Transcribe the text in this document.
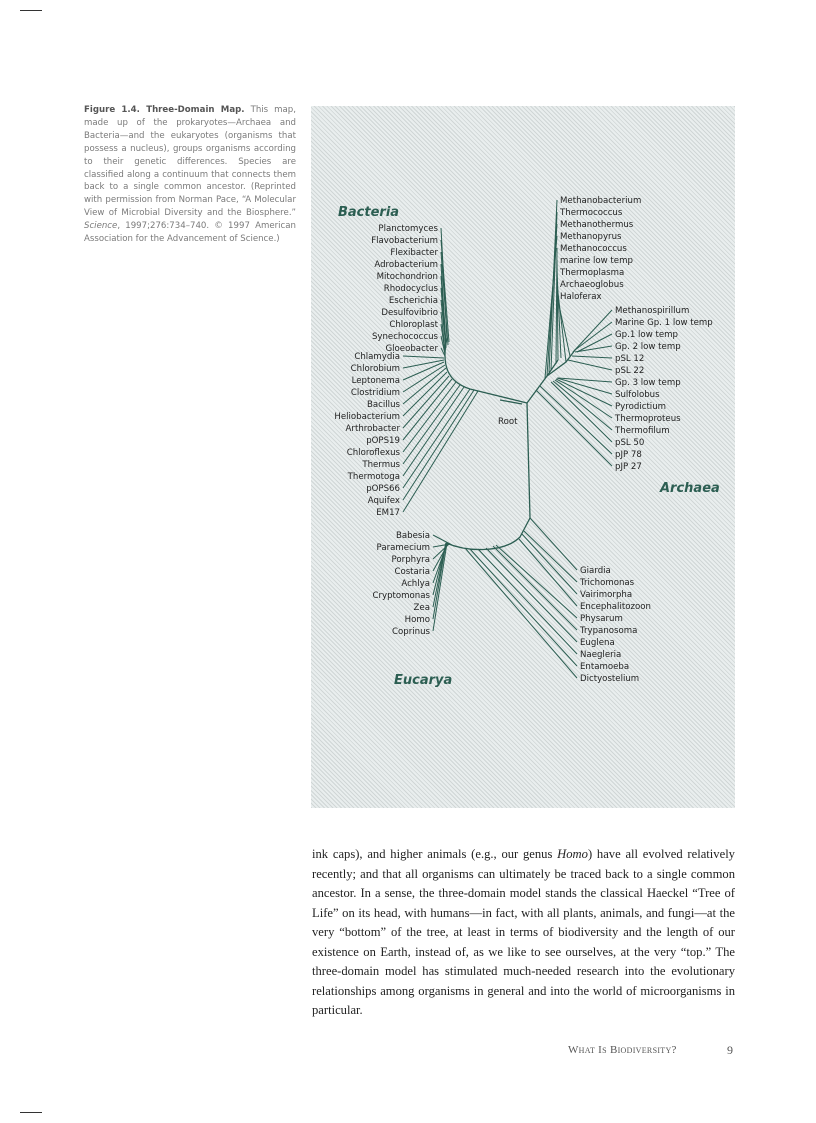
Figure 1.4. Three-Domain Map. This map, made up of the prokaryotes—Archaea and Bacteria—and the eukaryotes (organisms that possess a nucleus), groups organisms according to their genetic differences. Species are classified along a continuum that connects them back to a single common ancestor. (Reprinted with permission from Norman Pace, “A Molecular View of Microbial Diversity and the Biosphere.” Science, 1997;276:734–740. © 1997 American Association for the Advancement of Science.)
Planctomyces
Flavobacterium
Flexibacter
Adrobacterium
Mitochondrion
Rhodocyclus
Escherichia
Desulfovibrio
Chloroplast
Synechococcus
Gloeobacter
Chlamydia
Chlorobium
Leptonema
Clostridium
Bacillus
Heliobacterium
Arthrobacter
pOPS19
Chloroflexus
Thermus
Thermotoga
pOPS66
Aquifex
EM17
Methanobacterium
Thermococcus
Methanothermus
Methanopyrus
Methanococcus
marine low temp
Thermoplasma
Archaeoglobus
Haloferax
Methanospirillum
Marine Gp. 1 low temp
Gp.1 low temp
Gp. 2 low temp
pSL 12
pSL 22
Gp. 3 low temp
Sulfolobus
Pyrodictium
Thermoproteus
Thermofilum
pSL 50
pJP 78
pJP 27
Giardia
Trichomonas
Vairimorpha
Encephalitozoon
Physarum
Trypanosoma
Euglena
Naegleria
Entamoeba
Dictyostelium
Babesia
Paramecium
Porphyra
Costaria
Achlya
Cryptomonas
Zea
Homo
Coprinus
Bacteria
Archaea
Eucarya
Root
ink caps), and higher animals (e.g., our genus Homo) have all evolved relatively recently; and that all organisms can ultimately be traced back to a single common ancestor. In a sense, the three-domain model stands the classical Haeckel “Tree of Life” on its head, with humans—in fact, with all plants, animals, and fungi—at the very “bottom” of the tree, at least in terms of biodiversity and the length of our existence on Earth, instead of, as we like to see ourselves, at the very “top.” The three-domain model has stimulated much-needed research into the evolutionary relationships among organisms in general and into the world of microorganisms in particular.
What Is Biodiversity?	9
